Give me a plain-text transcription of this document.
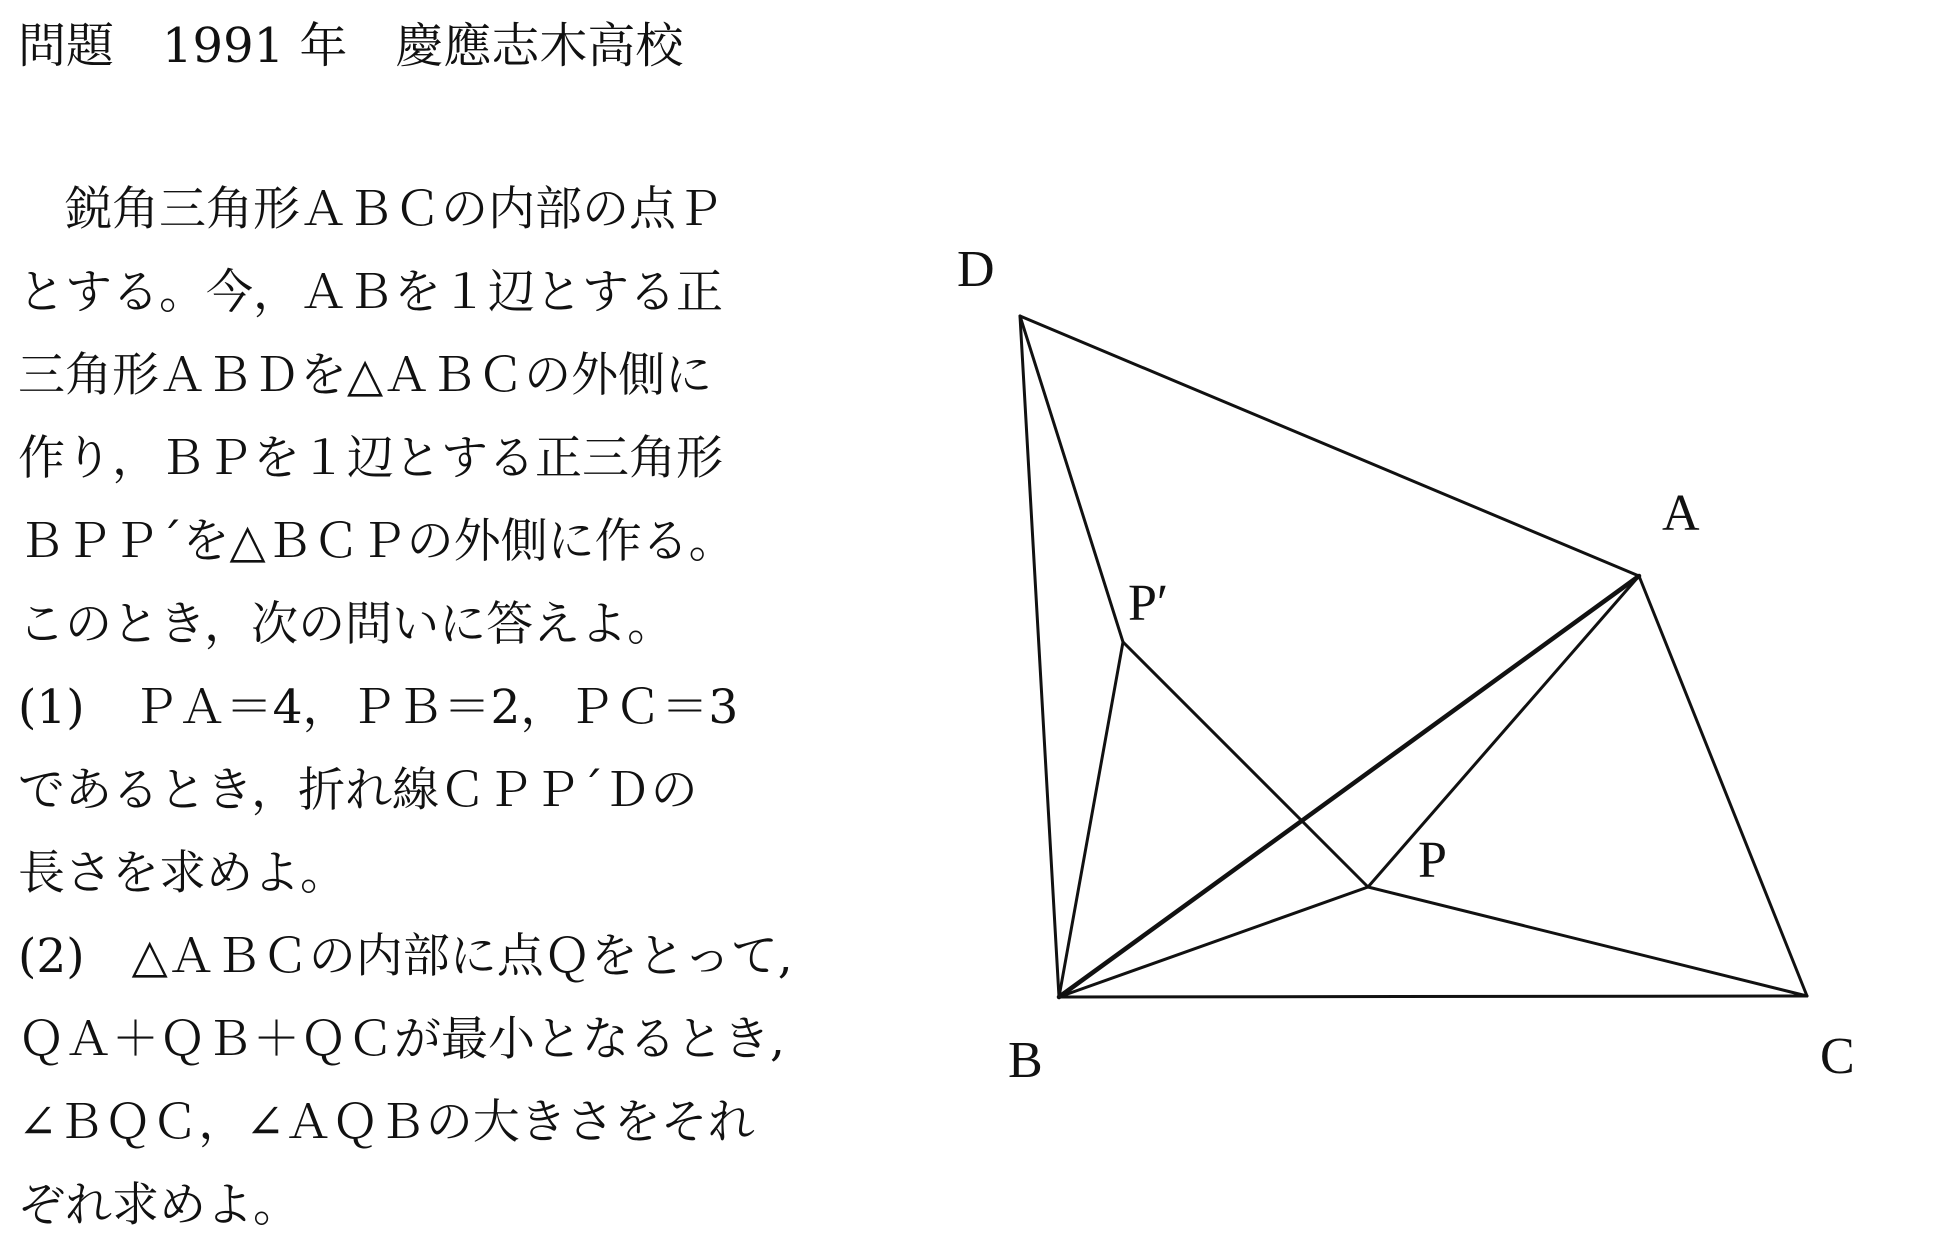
問題　1991 年　慶應志木高校
　鋭角三角形ＡＢＣの内部の点Ｐ
とする。今，ＡＢを１辺とする正
三角形ＡＢＤを△ＡＢＣの外側に
作り，ＢＰを１辺とする正三角形
ＢＰＰ´を△ＢＣＰの外側に作る。
このとき，次の問いに答えよ。
(1)　ＰＡ＝4，ＰＢ＝2，ＰＣ＝3
であるとき，折れ線ＣＰＰ´Ｄの
長さを求めよ。
(2)　△ＡＢＣの内部に点Ｑをとって,
ＱＡ＋ＱＢ＋ＱＣが最小となるとき,
∠ＢＱＣ，∠ＡＱＢの大きさをそれ
ぞれ求めよ。
D
A
P′
P
B	C
